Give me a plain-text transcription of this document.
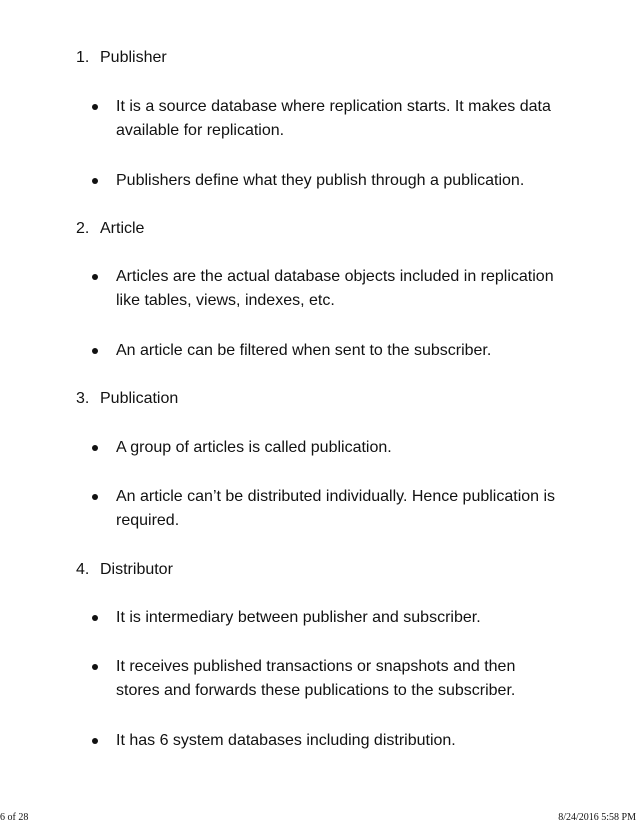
1. Publisher
It is a source database where replication starts. It makes data available for replication.
Publishers define what they publish through a publication.
2. Article
Articles are the actual database objects included in replication like tables, views, indexes, etc.
An article can be filtered when sent to the subscriber.
3. Publication
A group of articles is called publication.
An article can’t be distributed individually. Hence publication is required.
4. Distributor
It is intermediary between publisher and subscriber.
It receives published transactions or snapshots and then stores and forwards these publications to the subscriber.
It has 6 system databases including distribution.
6 of 28	8/24/2016 5:58 PM
